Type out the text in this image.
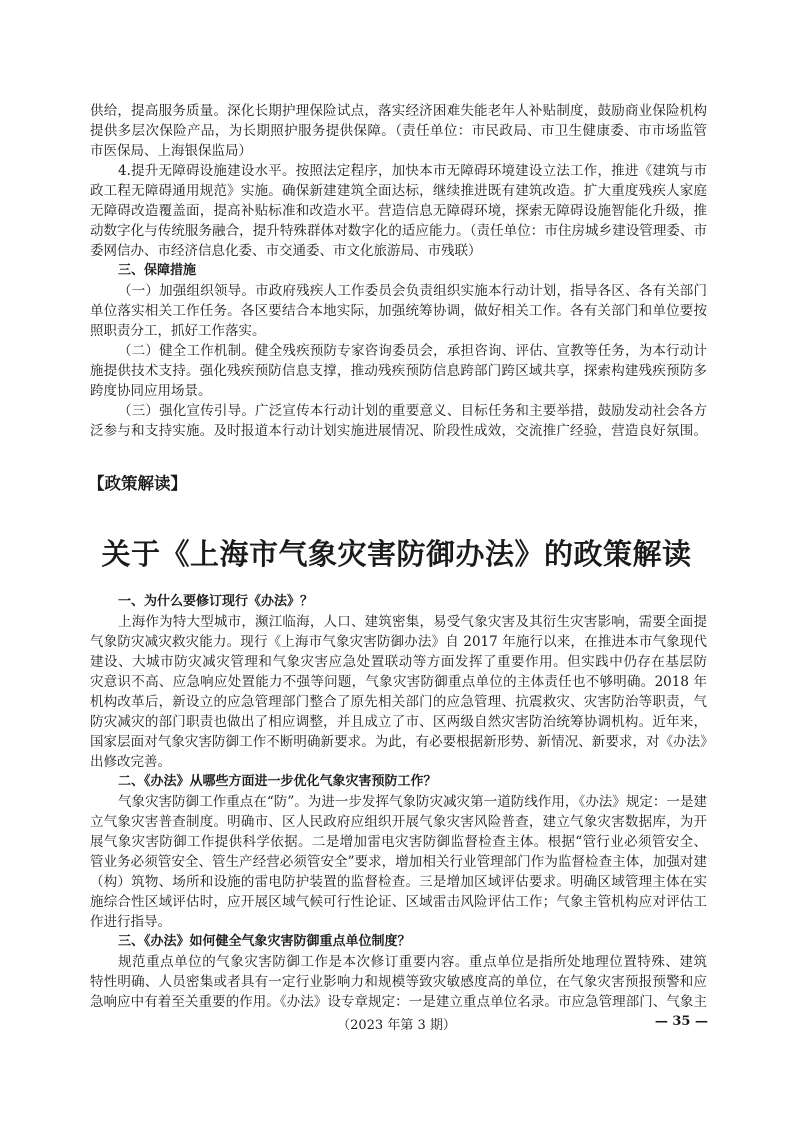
供给，提高服务质量。深化长期护理保险试点，落实经济困难失能老年人补贴制度，鼓励商业保险机构
提供多层次保险产品，为长期照护服务提供保障。（责任单位：市民政局、市卫生健康委、市市场监管
市医保局、上海银保监局）
4.提升无障碍设施建设水平。按照法定程序，加快本市无障碍环境建设立法工作，推进《建筑与市
政工程无障碍通用规范》实施。确保新建建筑全面达标，继续推进既有建筑改造。扩大重度残疾人家庭
无障碍改造覆盖面，提高补贴标准和改造水平。营造信息无障碍环境，探索无障碍设施智能化升级，推
动数字化与传统服务融合，提升特殊群体对数字化的适应能力。（责任单位：市住房城乡建设管理委、市
委网信办、市经济信息化委、市交通委、市文化旅游局、市残联）
三、保障措施
（一）加强组织领导。市政府残疾人工作委员会负责组织实施本行动计划，指导各区、各有关部门
单位落实相关工作任务。各区要结合本地实际，加强统筹协调，做好相关工作。各有关部门和单位要按
照职责分工，抓好工作落实。
（二）健全工作机制。健全残疾预防专家咨询委员会，承担咨询、评估、宣教等任务，为本行动计
施提供技术支持。强化残疾预防信息支撑，推动残疾预防信息跨部门跨区域共享，探索构建残疾预防多
跨度协同应用场景。
（三）强化宣传引导。广泛宣传本行动计划的重要意义、目标任务和主要举措，鼓励发动社会各方
泛参与和支持实施。及时报道本行动计划实施进展情况、阶段性成效，交流推广经验，营造良好氛围。
【政策解读】
关于《上海市气象灾害防御办法》的政策解读
一、为什么要修订现行《办法》？
上海作为特大型城市，濒江临海，人口、建筑密集，易受气象灾害及其衍生灾害影响，需要全面提
气象防灾减灾救灾能力。现行《上海市气象灾害防御办法》自 2017 年施行以来，在推进本市气象现代
建设、大城市防灾减灾管理和气象灾害应急处置联动等方面发挥了重要作用。但实践中仍存在基层防
灾意识不高、应急响应处置能力不强等问题，气象灾害防御重点单位的主体责任也不够明确。2018 年
机构改革后，新设立的应急管理部门整合了原先相关部门的应急管理、抗震救灾、灾害防治等职责，气
防灾减灾的部门职责也做出了相应调整，并且成立了市、区两级自然灾害防治统筹协调机构。近年来，
国家层面对气象灾害防御工作不断明确新要求。为此，有必要根据新形势、新情况、新要求，对《办法》
出修改完善。
二、《办法》从哪些方面进一步优化气象灾害预防工作？
气象灾害防御工作重点在“防”。为进一步发挥气象防灾减灾第一道防线作用，《办法》规定：一是建
立气象灾害普查制度。明确市、区人民政府应组织开展气象灾害风险普查，建立气象灾害数据库，为开
展气象灾害防御工作提供科学依据。二是增加雷电灾害防御监督检查主体。根据“管行业必须管安全、
管业务必须管安全、管生产经营必须管安全”要求，增加相关行业管理部门作为监督检查主体，加强对建
（构）筑物、场所和设施的雷电防护装置的监督检查。三是增加区域评估要求。明确区域管理主体在实
施综合性区域评估时，应开展区域气候可行性论证、区域雷击风险评估工作；气象主管机构应对评估工
作进行指导。
三、《办法》如何健全气象灾害防御重点单位制度？
规范重点单位的气象灾害防御工作是本次修订重要内容。重点单位是指所处地理位置特殊、建筑
特性明确、人员密集或者具有一定行业影响力和规模等致灾敏感度高的单位，在气象灾害预报预警和应
急响应中有着至关重要的作用。《办法》设专章规定：一是建立重点单位名录。市应急管理部门、气象主
（2023 年第 3 期）	— 35 —
